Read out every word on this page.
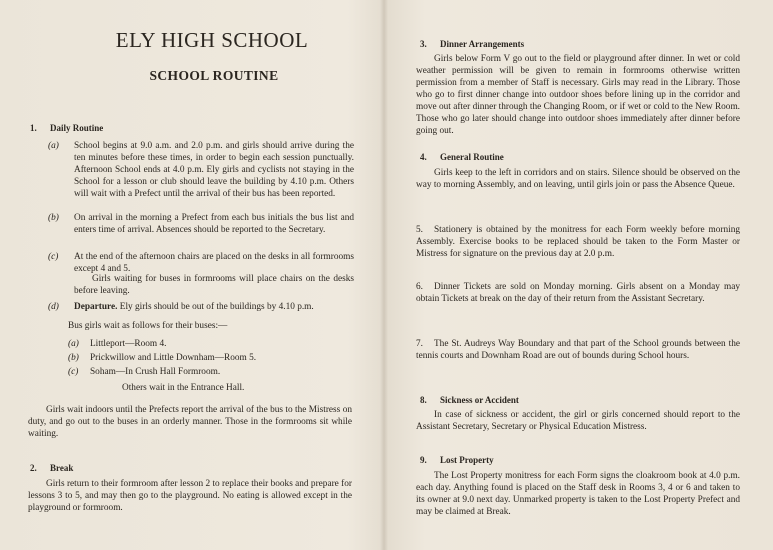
ELY HIGH SCHOOL
SCHOOL ROUTINE
1. Daily Routine
(a) School begins at 9.0 a.m. and 2.0 p.m. and girls should arrive during the ten minutes before these times, in order to begin each session punctually. Afternoon School ends at 4.0 p.m. Ely girls and cyclists not staying in the School for a lesson or club should leave the building by 4.10 p.m. Others will wait with a Prefect until the arrival of their bus has been reported.
(b) On arrival in the morning a Prefect from each bus initials the bus list and enters time of arrival. Absences should be reported to the Secretary.
(c) At the end of the afternoon chairs are placed on the desks in all formrooms except 4 and 5.
Girls waiting for buses in formrooms will place chairs on the desks before leaving.
(d) Departure. Ely girls should be out of the buildings by 4.10 p.m.
Bus girls wait as follows for their buses:—
(a) Littleport—Room 4.
(b) Prickwillow and Little Downham—Room 5.
(c) Soham—In Crush Hall Formroom.
Others wait in the Entrance Hall.
Girls wait indoors until the Prefects report the arrival of the bus to the Mistress on duty, and go out to the buses in an orderly manner. Those in the formrooms sit while waiting.
2. Break
Girls return to their formroom after lesson 2 to replace their books and prepare for lessons 3 to 5, and may then go to the playground. No eating is allowed except in the playground or formroom.
3. Dinner Arrangements
Girls below Form V go out to the field or playground after dinner. In wet or cold weather permission will be given to remain in formrooms otherwise written permission from a member of Staff is necessary. Girls may read in the Library. Those who go to first dinner change into outdoor shoes before lining up in the corridor and move out after dinner through the Changing Room, or if wet or cold to the New Room. Those who go later should change into outdoor shoes immediately after dinner before going out.
4. General Routine
Girls keep to the left in corridors and on stairs. Silence should be observed on the way to morning Assembly, and on leaving, until girls join or pass the Absence Queue.
5. Stationery is obtained by the monitress for each Form weekly before morning Assembly. Exercise books to be replaced should be taken to the Form Master or Mistress for signature on the previous day at 2.0 p.m.
6. Dinner Tickets are sold on Monday morning. Girls absent on a Monday may obtain Tickets at break on the day of their return from the Assistant Secretary.
7. The St. Audreys Way Boundary and that part of the School grounds between the tennis courts and Downham Road are out of bounds during School hours.
8. Sickness or Accident
In case of sickness or accident, the girl or girls concerned should report to the Assistant Secretary, Secretary or Physical Education Mistress.
9. Lost Property
The Lost Property monitress for each Form signs the cloakroom book at 4.0 p.m. each day. Anything found is placed on the Staff desk in Rooms 3, 4 or 6 and taken to its owner at 9.0 next day. Unmarked property is taken to the Lost Property Prefect and may be claimed at Break.
